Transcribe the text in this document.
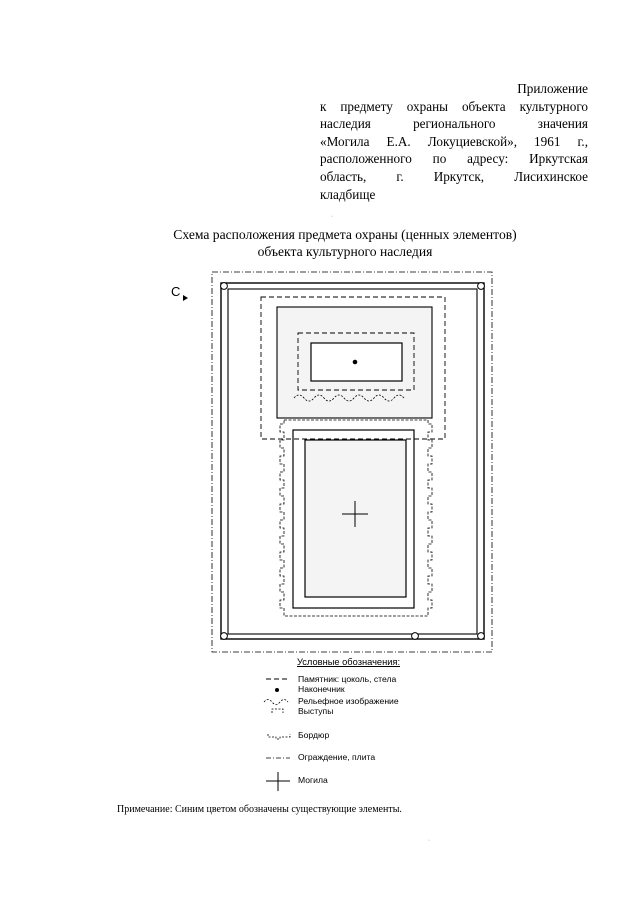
Приложение
к предмету охраны объекта культурного
наследия регионального значения
«Могила Е.А. Локуциевской», 1961 г.,
расположенного по адресу: Иркутская
область, г. Иркутск, Лисихинское
кладбище
·
Схема расположения предмета охраны (ценных элементов)
объекта культурного наследия
С
Условные обозначения:
Памятник: цоколь, стела
Наконечник
Рельефное изображение
Выступы
Бордюр
Ограждение, плита
Могила
Примечание: Синим цветом обозначены существующие элементы.
·
